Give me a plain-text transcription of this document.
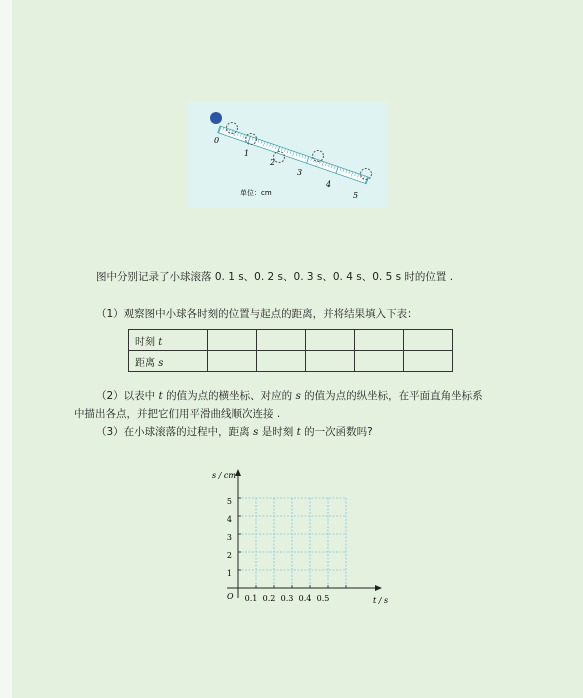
0
1
2
3
4
5
单位：cm
图中分别记录了小球滚落 0. 1 s、0. 2 s、0. 3 s、0. 4 s、0. 5 s 时的位置 .
（1）观察图中小球各时刻的位置与起点的距离，并将结果填入下表：
时刻 t					
距离 s					
（2）以表中 t 的值为点的横坐标、对应的 s 的值为点的纵坐标，在平面直角坐标系
中描出各点，并把它们用平滑曲线顺次连接 .
（3）在小球滚落的过程中，距离 s 是时刻 t 的一次函数吗?
s / cm
t / s
O 0.1 0.2 0.3 0.4 0.5
1
2
3
4
5
